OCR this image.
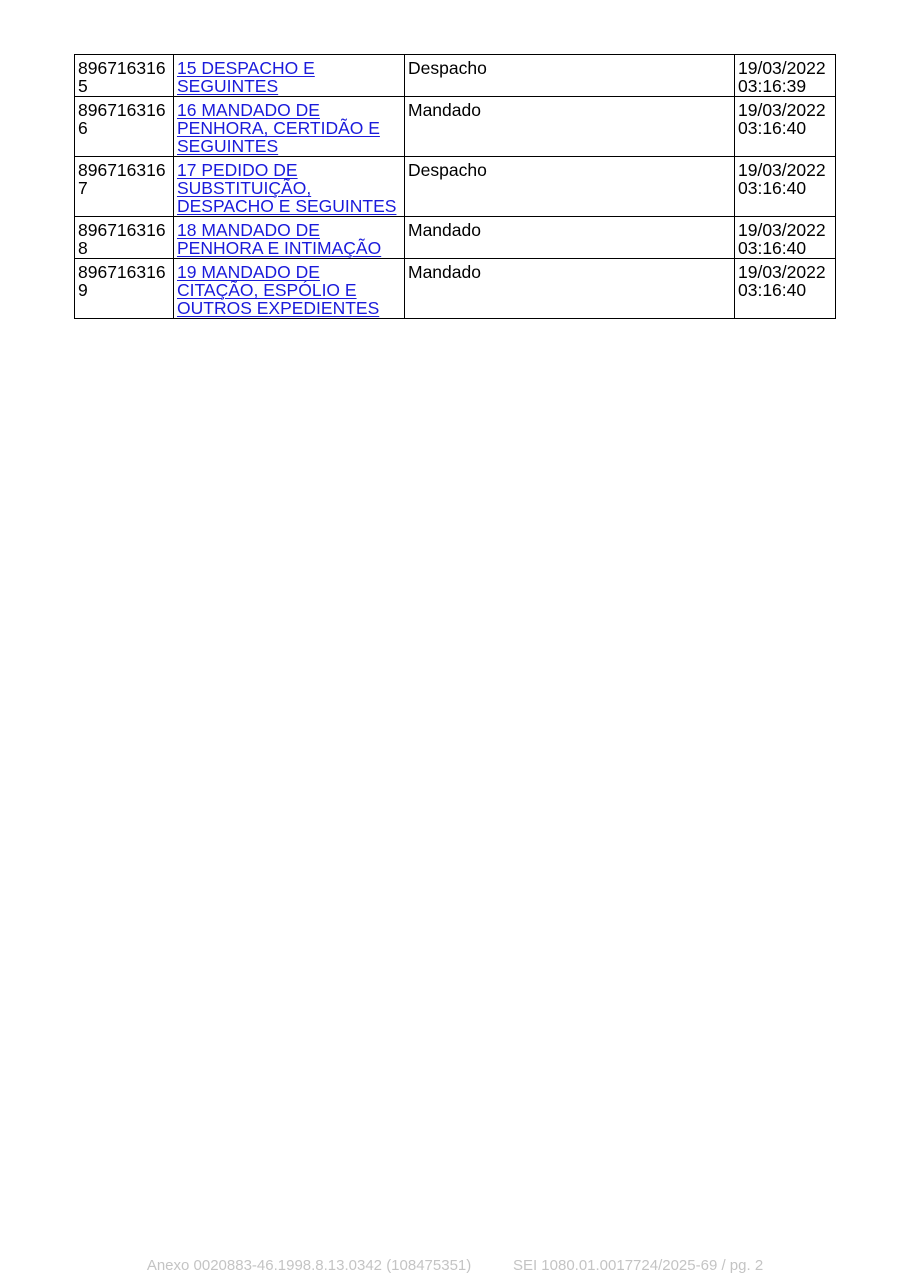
8967163165	15 DESPACHO E SEGUINTES	Despacho	19/03/2022
03:16:39
8967163166	16 MANDADO DE PENHORA, CERTIDÃO E SEGUINTES	Mandado	19/03/2022
03:16:40
8967163167	17 PEDIDO DE SUBSTITUIÇÃO, DESPACHO E SEGUINTES	Despacho	19/03/2022
03:16:40
8967163168	18 MANDADO DE PENHORA E INTIMAÇÃO	Mandado	19/03/2022
03:16:40
8967163169	19 MANDADO DE CITAÇÃO, ESPÓLIO E OUTROS EXPEDIENTES	Mandado	19/03/2022
03:16:40
Anexo 0020883-46.1998.8.13.0342 (108475351)	SEI 1080.01.0017724/2025-69 / pg. 2
